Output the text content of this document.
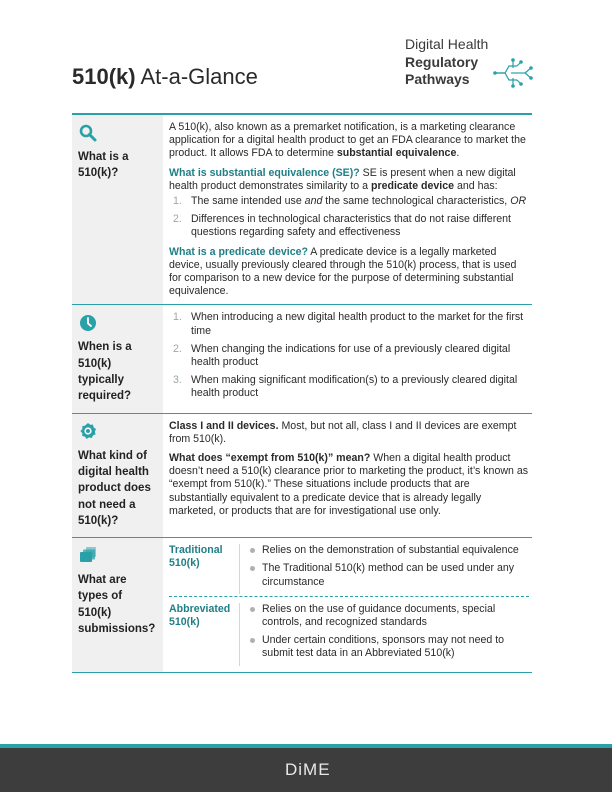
510(k) At-a-Glance
Digital Health
Regulatory
Pathways
What is a 510(k)?

A 510(k), also known as a premarket notification, is a marketing clearance application for a digital health product to get an FDA clearance to market the product. It allows FDA to determine substantial equivalence.

What is substantial equivalence (SE)? SE is present when a new digital health product demonstrates similarity to a predicate device and has:

1. The same intended use and the same technological characteristics, OR
2. Differences in technological characteristics that do not raise different questions regarding safety and effectiveness

What is a predicate device? A predicate device is a legally marketed device, usually previously cleared through the 510(k) process, that is used for comparison to a new device for the purpose of determining substantial equivalence.

When is a 510(k) typically required?
1. When introducing a new digital health product to the market for the first time
2. When changing the indications for use of a previously cleared digital health product
3. When making significant modification(s) to a previously cleared digital health product
What kind of digital health product does not need a 510(k)?

Class I and II devices. Most, but not all, class I and II devices are exempt from 510(k).

What does “exempt from 510(k)” mean? When a digital health product doesn’t need a 510(k) clearance prior to marketing the product, it’s known as “exempt from 510(k).” These situations include products that are substantially equivalent to a predicate device that is already legally marketed, or products that are for investigational use only.

What are types of 510(k) submissions?
Traditional 510(k)
Relies on the demonstration of substantial equivalence
The Traditional 510(k) method can be used under any circumstance
Abbreviated 510(k)
Relies on the use of guidance documents, special controls, and recognized standards
Under certain conditions, sponsors may not need to submit test data in an Abbreviated 510(k)
DiME
